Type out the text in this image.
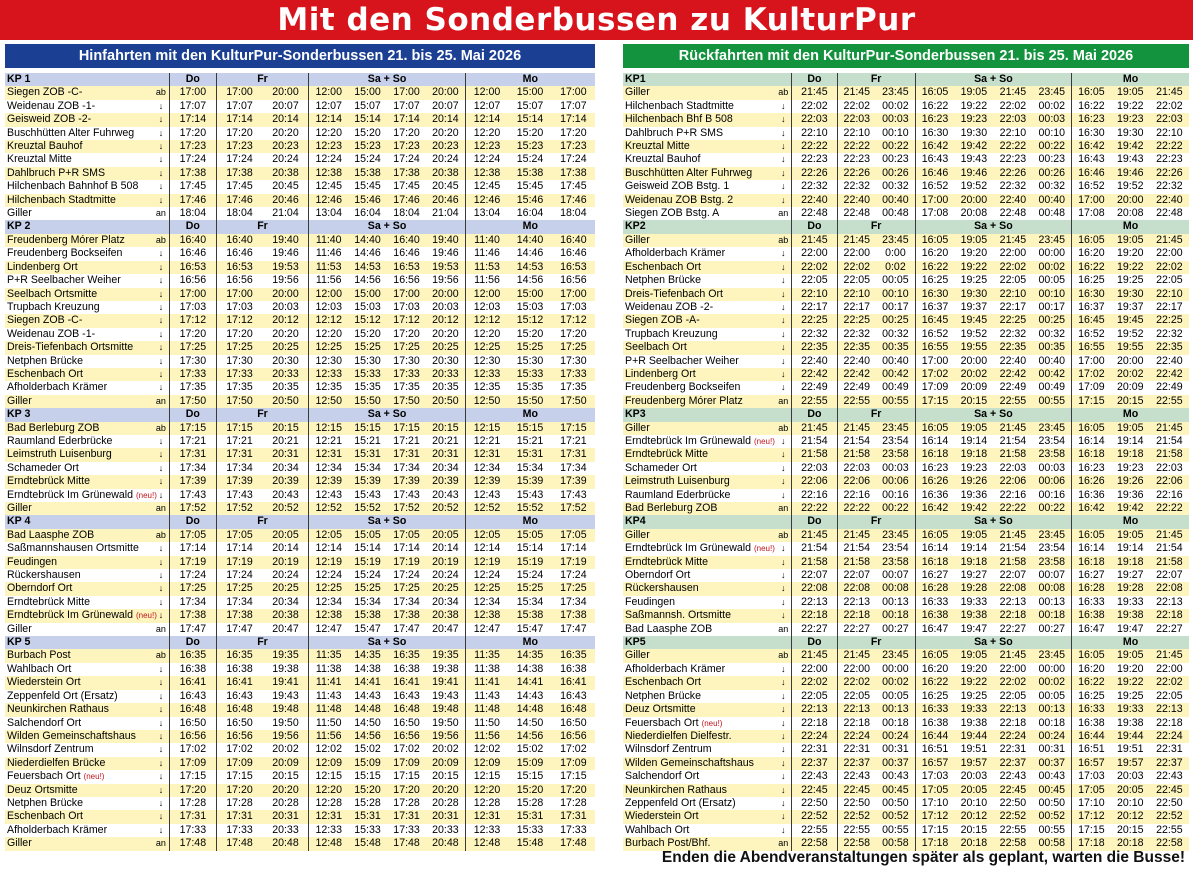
Mit den Sonderbussen zu KulturPur
Hinfahrten mit den KulturPur-Sonderbussen 21. bis 25. Mai 2026
KP 1		Do	Fr		Sa + So				Mo		
Siegen ZOB -C-	ab	17:00	17:00	20:00	12:00	15:00	17:00	20:00	12:00	15:00	17:00
Weidenau ZOB -1-	↓	17:07	17:07	20:07	12:07	15:07	17:07	20:07	12:07	15:07	17:07
Geisweid ZOB -2-	↓	17:14	17:14	20:14	12:14	15:14	17:14	20:14	12:14	15:14	17:14
Buschhütten Alter Fuhrweg	↓	17:20	17:20	20:20	12:20	15:20	17:20	20:20	12:20	15:20	17:20
Kreuztal Bauhof	↓	17:23	17:23	20:23	12:23	15:23	17:23	20:23	12:23	15:23	17:23
Kreuztal Mitte	↓	17:24	17:24	20:24	12:24	15:24	17:24	20:24	12:24	15:24	17:24
Dahlbruch P+R SMS	↓	17:38	17:38	20:38	12:38	15:38	17:38	20:38	12:38	15:38	17:38
Hilchenbach Bahnhof B 508	↓	17:45	17:45	20:45	12:45	15:45	17:45	20:45	12:45	15:45	17:45
Hilchenbach Stadtmitte	↓	17:46	17:46	20:46	12:46	15:46	17:46	20:46	12:46	15:46	17:46
Giller	an	18:04	18:04	21:04	13:04	16:04	18:04	21:04	13:04	16:04	18:04
KP 2		Do	Fr		Sa + So				Mo		
Freudenberg Mórer Platz	ab	16:40	16:40	19:40	11:40	14:40	16:40	19:40	11:40	14:40	16:40
Freudenberg Bockseifen	↓	16:46	16:46	19:46	11:46	14:46	16:46	19:46	11:46	14:46	16:46
Lindenberg Ort	↓	16:53	16:53	19:53	11:53	14:53	16:53	19:53	11:53	14:53	16:53
P+R Seelbacher Weiher	↓	16:56	16:56	19:56	11:56	14:56	16:56	19:56	11:56	14:56	16:56
Seelbach Ortsmitte	↓	17:00	17:00	20:00	12:00	15:00	17:00	20:00	12:00	15:00	17:00
Trupbach Kreuzung	↓	17:03	17:03	20:03	12:03	15:03	17:03	20:03	12:03	15:03	17:03
Siegen ZOB -C-	↓	17:12	17:12	20:12	12:12	15:12	17:12	20:12	12:12	15:12	17:12
Weidenau ZOB -1-	↓	17:20	17:20	20:20	12:20	15:20	17:20	20:20	12:20	15:20	17:20
Dreis-Tiefenbach Ortsmitte	↓	17:25	17:25	20:25	12:25	15:25	17:25	20:25	12:25	15:25	17:25
Netphen Brücke	↓	17:30	17:30	20:30	12:30	15:30	17:30	20:30	12:30	15:30	17:30
Eschenbach Ort	↓	17:33	17:33	20:33	12:33	15:33	17:33	20:33	12:33	15:33	17:33
Afholderbach Krämer	↓	17:35	17:35	20:35	12:35	15:35	17:35	20:35	12:35	15:35	17:35
Giller	an	17:50	17:50	20:50	12:50	15:50	17:50	20:50	12:50	15:50	17:50
KP 3		Do	Fr		Sa + So				Mo		
Bad Berleburg ZOB	ab	17:15	17:15	20:15	12:15	15:15	17:15	20:15	12:15	15:15	17:15
Raumland Ederbrücke	↓	17:21	17:21	20:21	12:21	15:21	17:21	20:21	12:21	15:21	17:21
Leimstruth Luisenburg	↓	17:31	17:31	20:31	12:31	15:31	17:31	20:31	12:31	15:31	17:31
Schameder Ort	↓	17:34	17:34	20:34	12:34	15:34	17:34	20:34	12:34	15:34	17:34
Erndtebrück Mitte	↓	17:39	17:39	20:39	12:39	15:39	17:39	20:39	12:39	15:39	17:39
Erndtebrück Im Grünewald (neu!)	↓	17:43	17:43	20:43	12:43	15:43	17:43	20:43	12:43	15:43	17:43
Giller	an	17:52	17:52	20:52	12:52	15:52	17:52	20:52	12:52	15:52	17:52
KP 4		Do	Fr		Sa + So				Mo		
Bad Laasphe ZOB	ab	17:05	17:05	20:05	12:05	15:05	17:05	20:05	12:05	15:05	17:05
Saßmannshausen Ortsmitte	↓	17:14	17:14	20:14	12:14	15:14	17:14	20:14	12:14	15:14	17:14
Feudingen	↓	17:19	17:19	20:19	12:19	15:19	17:19	20:19	12:19	15:19	17:19
Rückershausen	↓	17:24	17:24	20:24	12:24	15:24	17:24	20:24	12:24	15:24	17:24
Oberndorf Ort	↓	17:25	17:25	20:25	12:25	15:25	17:25	20:25	12:25	15:25	17:25
Erndtebrück Mitte	↓	17:34	17:34	20:34	12:34	15:34	17:34	20:34	12:34	15:34	17:34
Erndtebrück Im Grünewald (neu!)	↓	17:38	17:38	20:38	12:38	15:38	17:38	20:38	12:38	15:38	17:38
Giller	an	17:47	17:47	20:47	12:47	15:47	17:47	20:47	12:47	15:47	17:47
KP 5		Do	Fr		Sa + So				Mo		
Burbach Post	ab	16:35	16:35	19:35	11:35	14:35	16:35	19:35	11:35	14:35	16:35
Wahlbach Ort	↓	16:38	16:38	19:38	11:38	14:38	16:38	19:38	11:38	14:38	16:38
Wiederstein Ort	↓	16:41	16:41	19:41	11:41	14:41	16:41	19:41	11:41	14:41	16:41
Zeppenfeld Ort (Ersatz)	↓	16:43	16:43	19:43	11:43	14:43	16:43	19:43	11:43	14:43	16:43
Neunkirchen Rathaus	↓	16:48	16:48	19:48	11:48	14:48	16:48	19:48	11:48	14:48	16:48
Salchendorf Ort	↓	16:50	16:50	19:50	11:50	14:50	16:50	19:50	11:50	14:50	16:50
Wilden Gemeinschaftshaus	↓	16:56	16:56	19:56	11:56	14:56	16:56	19:56	11:56	14:56	16:56
Wilnsdorf Zentrum	↓	17:02	17:02	20:02	12:02	15:02	17:02	20:02	12:02	15:02	17:02
Niederdielfen Brücke	↓	17:09	17:09	20:09	12:09	15:09	17:09	20:09	12:09	15:09	17:09
Feuersbach Ort (neu!)	↓	17:15	17:15	20:15	12:15	15:15	17:15	20:15	12:15	15:15	17:15
Deuz Ortsmitte	↓	17:20	17:20	20:20	12:20	15:20	17:20	20:20	12:20	15:20	17:20
Netphen Brücke	↓	17:28	17:28	20:28	12:28	15:28	17:28	20:28	12:28	15:28	17:28
Eschenbach Ort	↓	17:31	17:31	20:31	12:31	15:31	17:31	20:31	12:31	15:31	17:31
Afholderbach Krämer	↓	17:33	17:33	20:33	12:33	15:33	17:33	20:33	12:33	15:33	17:33
Giller	an	17:48	17:48	20:48	12:48	15:48	17:48	20:48	12:48	15:48	17:48
Rückfahrten mit den KulturPur-Sonderbussen 21. bis 25. Mai 2026
KP1		Do	Fr		Sa + So				Mo		
Giller	ab	21:45	21:45	23:45	16:05	19:05	21:45	23:45	16:05	19:05	21:45
Hilchenbach Stadtmitte	↓	22:02	22:02	00:02	16:22	19:22	22:02	00:02	16:22	19:22	22:02
Hilchenbach Bhf B 508	↓	22:03	22:03	00:03	16:23	19:23	22:03	00:03	16:23	19:23	22:03
Dahlbruch P+R SMS	↓	22:10	22:10	00:10	16:30	19:30	22:10	00:10	16:30	19:30	22:10
Kreuztal Mitte	↓	22:22	22:22	00:22	16:42	19:42	22:22	00:22	16:42	19:42	22:22
Kreuztal Bauhof	↓	22:23	22:23	00:23	16:43	19:43	22:23	00:23	16:43	19:43	22:23
Buschhütten Alter Fuhrweg	↓	22:26	22:26	00:26	16:46	19:46	22:26	00:26	16:46	19:46	22:26
Geisweid ZOB Bstg. 1	↓	22:32	22:32	00:32	16:52	19:52	22:32	00:32	16:52	19:52	22:32
Weidenau ZOB Bstg. 2	↓	22:40	22:40	00:40	17:00	20:00	22:40	00:40	17:00	20:00	22:40
Siegen ZOB Bstg. A	an	22:48	22:48	00:48	17:08	20:08	22:48	00:48	17:08	20:08	22:48
KP2		Do	Fr		Sa + So				Mo		
Giller	ab	21:45	21:45	23:45	16:05	19:05	21:45	23:45	16:05	19:05	21:45
Afholderbach Krämer	↓	22:00	22:00	0:00	16:20	19:20	22:00	00:00	16:20	19:20	22:00
Eschenbach Ort	↓	22:02	22:02	0:02	16:22	19:22	22:02	00:02	16:22	19:22	22:02
Netphen Brücke	↓	22:05	22:05	00:05	16:25	19:25	22:05	00:05	16:25	19:25	22:05
Dreis-Tiefenbach Ort	↓	22:10	22:10	00:10	16:30	19:30	22:10	00:10	16:30	19:30	22:10
Weidenau ZOB -2-	↓	22:17	22:17	00:17	16:37	19:37	22:17	00:17	16:37	19:37	22:17
Siegen ZOB -A-	↓	22:25	22:25	00:25	16:45	19:45	22:25	00:25	16:45	19:45	22:25
Trupbach Kreuzung	↓	22:32	22:32	00:32	16:52	19:52	22:32	00:32	16:52	19:52	22:32
Seelbach Ort	↓	22:35	22:35	00:35	16:55	19:55	22:35	00:35	16:55	19:55	22:35
P+R Seelbacher Weiher	↓	22:40	22:40	00:40	17:00	20:00	22:40	00:40	17:00	20:00	22:40
Lindenberg Ort	↓	22:42	22:42	00:42	17:02	20:02	22:42	00:42	17:02	20:02	22:42
Freudenberg Bockseifen	↓	22:49	22:49	00:49	17:09	20:09	22:49	00:49	17:09	20:09	22:49
Freudenberg Mórer Platz	an	22:55	22:55	00:55	17:15	20:15	22:55	00:55	17:15	20:15	22:55
KP3		Do	Fr		Sa + So				Mo		
Giller	ab	21:45	21:45	23:45	16:05	19:05	21:45	23:45	16:05	19:05	21:45
Erndtebrück Im Grünewald (neu!)	↓	21:54	21:54	23:54	16:14	19:14	21:54	23:54	16:14	19:14	21:54
Erndtebrück Mitte	↓	21:58	21:58	23:58	16:18	19:18	21:58	23:58	16:18	19:18	21:58
Schameder Ort	↓	22:03	22:03	00:03	16:23	19:23	22:03	00:03	16:23	19:23	22:03
Leimstruth Luisenburg	↓	22:06	22:06	00:06	16:26	19:26	22:06	00:06	16:26	19:26	22:06
Raumland Ederbrücke	↓	22:16	22:16	00:16	16:36	19:36	22:16	00:16	16:36	19:36	22:16
Bad Berleburg ZOB	an	22:22	22:22	00:22	16:42	19:42	22:22	00:22	16:42	19:42	22:22
KP4		Do	Fr		Sa + So				Mo		
Giller	ab	21:45	21:45	23:45	16:05	19:05	21:45	23:45	16:05	19:05	21:45
Erndtebrück Im Grünewald (neu!)	↓	21:54	21:54	23:54	16:14	19:14	21:54	23:54	16:14	19:14	21:54
Erndtebrück Mitte	↓	21:58	21:58	23:58	16:18	19:18	21:58	23:58	16:18	19:18	21:58
Oberndorf Ort	↓	22:07	22:07	00:07	16:27	19:27	22:07	00:07	16:27	19:27	22:07
Rückershausen	↓	22:08	22:08	00:08	16:28	19:28	22:08	00:08	16:28	19:28	22:08
Feudingen	↓	22:13	22:13	00:13	16:33	19:33	22:13	00:13	16:33	19:33	22:13
Saßmannsh. Ortsmitte	↓	22:18	22:18	00:18	16:38	19:38	22:18	00:18	16:38	19:38	22:18
Bad Laasphe ZOB	an	22:27	22:27	00:27	16:47	19:47	22:27	00:27	16:47	19:47	22:27
KP5		Do	Fr		Sa + So				Mo		
Giller	ab	21:45	21:45	23:45	16:05	19:05	21:45	23:45	16:05	19:05	21:45
Afholderbach Krämer	↓	22:00	22:00	00:00	16:20	19:20	22:00	00:00	16:20	19:20	22:00
Eschenbach Ort	↓	22:02	22:02	00:02	16:22	19:22	22:02	00:02	16:22	19:22	22:02
Netphen Brücke	↓	22:05	22:05	00:05	16:25	19:25	22:05	00:05	16:25	19:25	22:05
Deuz Ortsmitte	↓	22:13	22:13	00:13	16:33	19:33	22:13	00:13	16:33	19:33	22:13
Feuersbach Ort (neu!)	↓	22:18	22:18	00:18	16:38	19:38	22:18	00:18	16:38	19:38	22:18
Niederdielfen Dielfestr.	↓	22:24	22:24	00:24	16:44	19:44	22:24	00:24	16:44	19:44	22:24
Wilnsdorf Zentrum	↓	22:31	22:31	00:31	16:51	19:51	22:31	00:31	16:51	19:51	22:31
Wilden Gemeinschaftshaus	↓	22:37	22:37	00:37	16:57	19:57	22:37	00:37	16:57	19:57	22:37
Salchendorf Ort	↓	22:43	22:43	00:43	17:03	20:03	22:43	00:43	17:03	20:03	22:43
Neunkirchen Rathaus	↓	22:45	22:45	00:45	17:05	20:05	22:45	00:45	17:05	20:05	22:45
Zeppenfeld Ort (Ersatz)	↓	22:50	22:50	00:50	17:10	20:10	22:50	00:50	17:10	20:10	22:50
Wiederstein Ort	↓	22:52	22:52	00:52	17:12	20:12	22:52	00:52	17:12	20:12	22:52
Wahlbach Ort	↓	22:55	22:55	00:55	17:15	20:15	22:55	00:55	17:15	20:15	22:55
Burbach Post/Bhf.	an	22:58	22:58	00:58	17:18	20:18	22:58	00:58	17:18	20:18	22:58
Enden die Abendveranstaltungen später als geplant, warten die Busse!
